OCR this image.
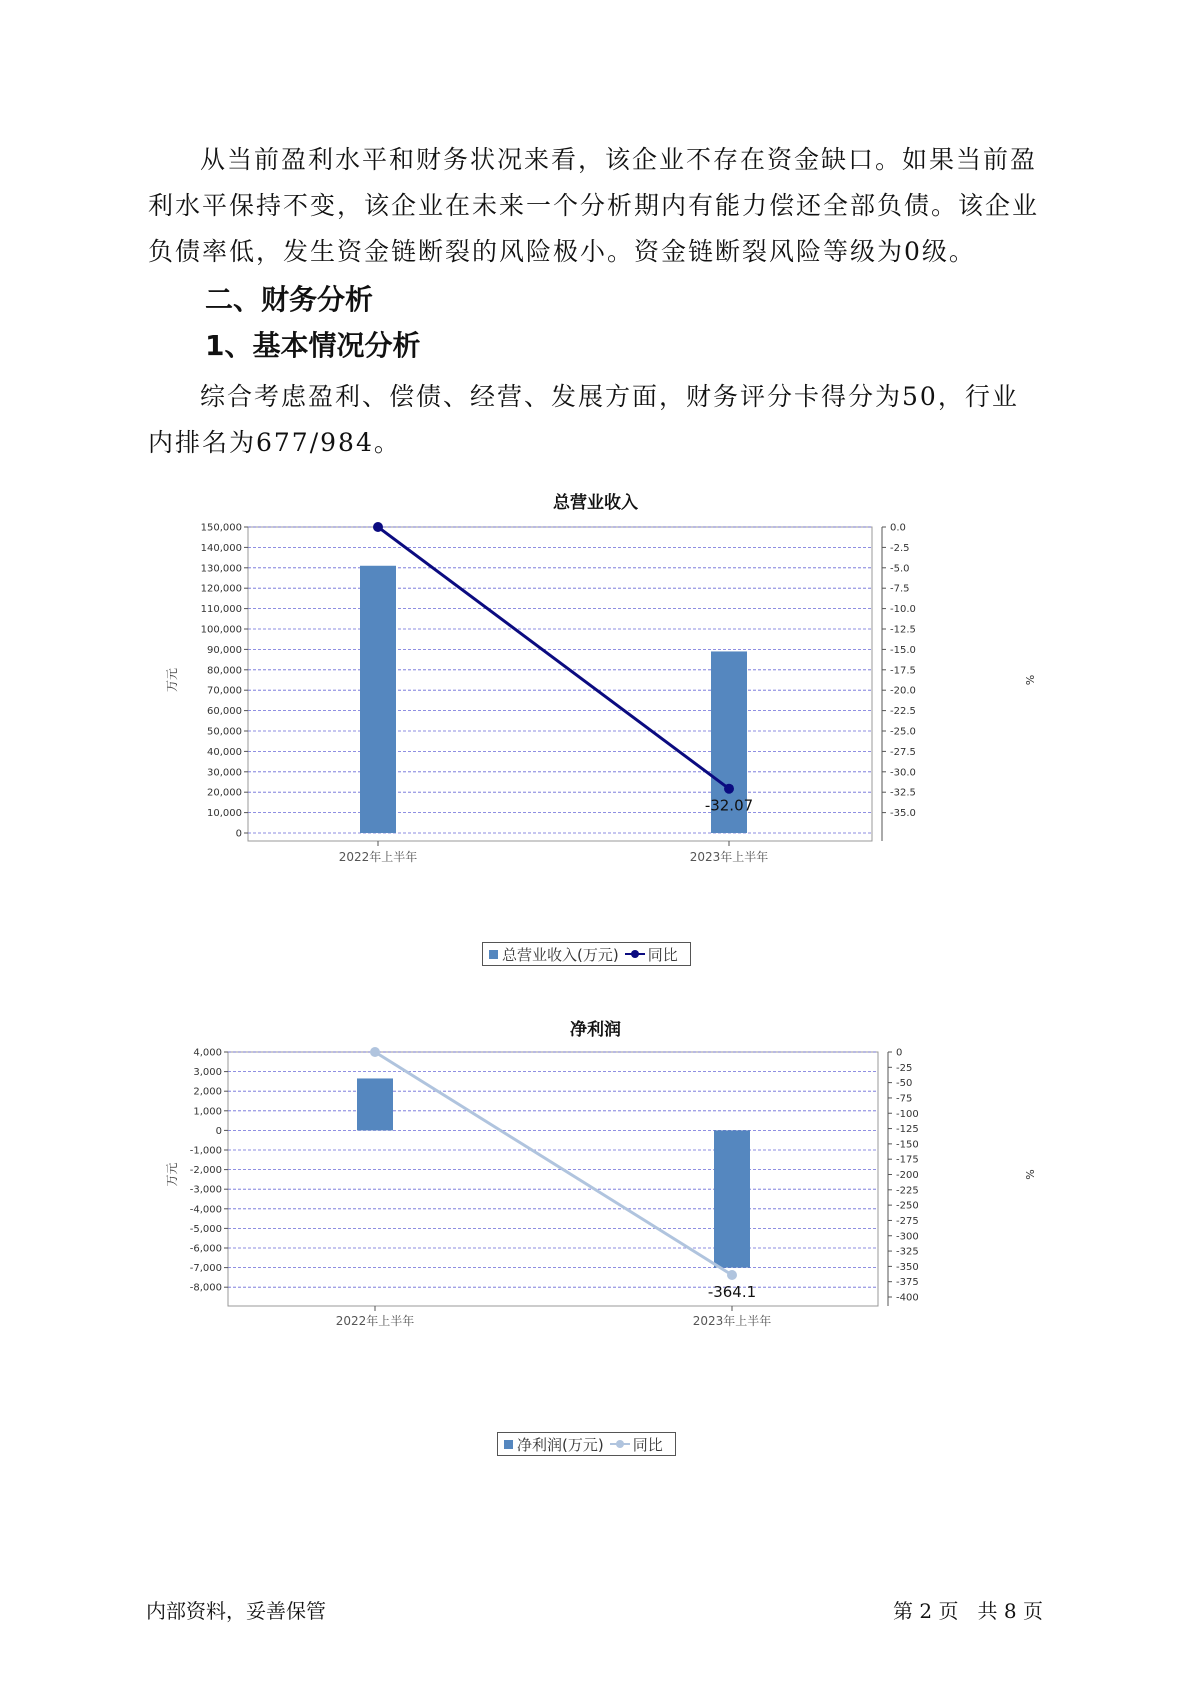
从当前盈利水平和财务状况来看，该企业不存在资金缺口。如果当前盈利水平保持不变，该企业在未来一个分析期内有能力偿还全部负债。该企业负债率低，发生资金链断裂的风险极小。资金链断裂风险等级为0级。

二、财务分析
1、基本情况分析

综合考虑盈利、偿债、经营、发展方面，财务评分卡得分为50，行业内排名为677/984。

总营业收入
150,000
140,000
130,000
120,000
110,000
100,000
90,000
80,000
70,000
60,000
50,000
40,000
30,000
20,000
10,000
0
0.0
-2.5
-5.0
-7.5
-10.0
-12.5
-15.0
-17.5
-20.0
-22.5
-25.0
-27.5
-30.0
-32.5
-35.0
万元	%
2022年上半年	2023年上半年
-32.07
总营业收入(万元) 同比
净利润
4,000
3,000
2,000
1,000
0
-1,000
-2,000
-3,000
-4,000
-5,000
-6,000
-7,000
-8,000
0
-25
-50
-75
-100
-125
-150
-175
-200
-225
-250
-275
-300
-325
-350
-375
-400
万元	%
2022年上半年	2023年上半年
-364.1
净利润(万元) 同比
内部资料，妥善保管	第 2 页   共 8 页
